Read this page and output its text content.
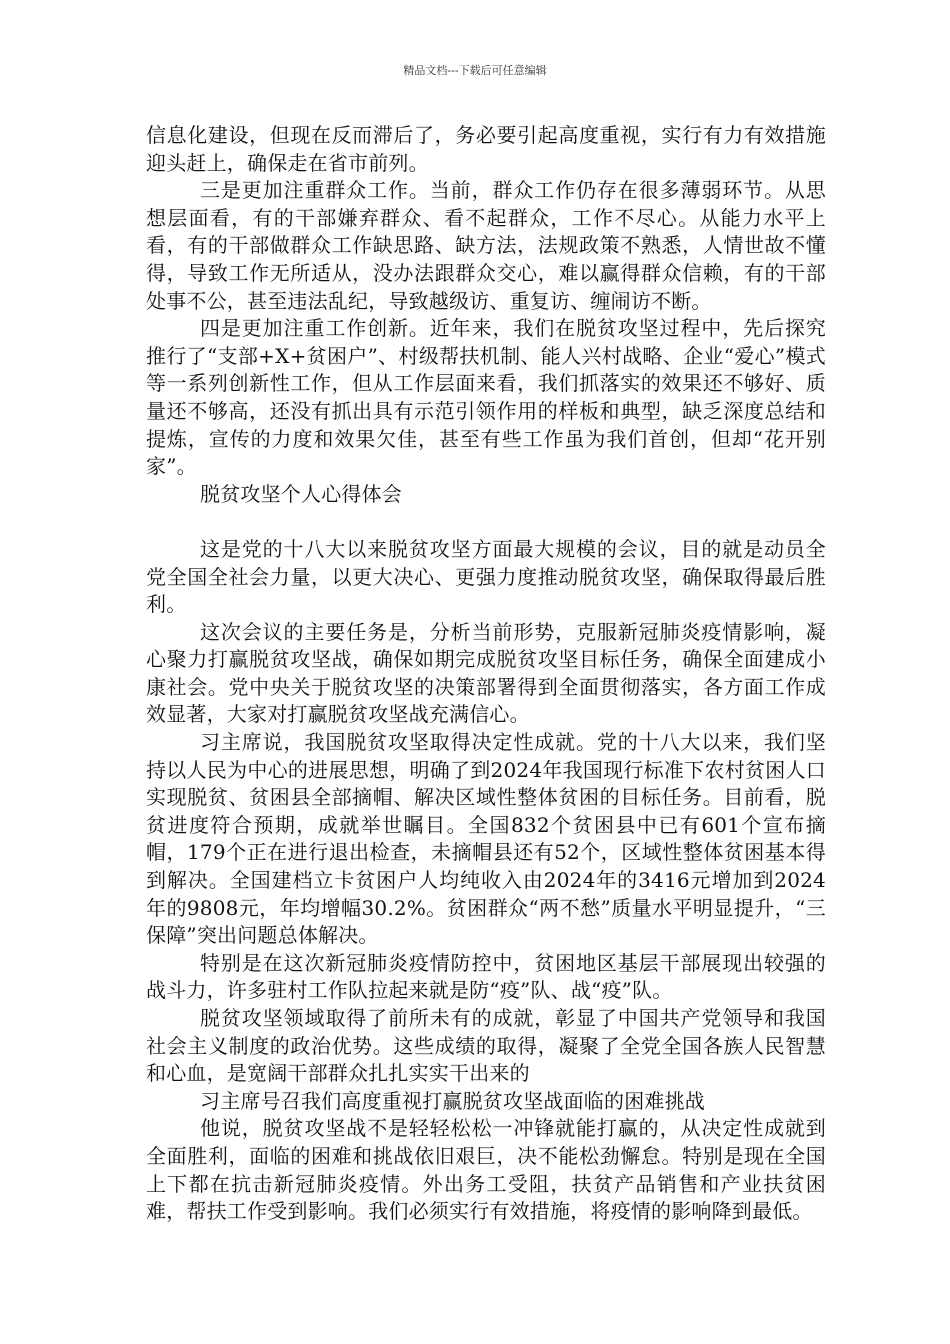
精品文档---下载后可任意编辑

信息化建设，但现在反而滞后了，务必要引起高度重视，实行有力有效措施迎头赶上，确保走在省市前列。

三是更加注重群众工作。当前，群众工作仍存在很多薄弱环节。从思想层面看，有的干部嫌弃群众、看不起群众，工作不尽心。从能力水平上看，有的干部做群众工作缺思路、缺方法，法规政策不熟悉，人情世故不懂得，导致工作无所适从，没办法跟群众交心，难以赢得群众信赖，有的干部处事不公，甚至违法乱纪，导致越级访、重复访、缠闹访不断。

四是更加注重工作创新。近年来，我们在脱贫攻坚过程中，先后探究推行了“支部+X+贫困户”、村级帮扶机制、能人兴村战略、企业“爱心”模式等一系列创新性工作，但从工作层面来看，我们抓落实的效果还不够好、质量还不够高，还没有抓出具有示范引领作用的样板和典型，缺乏深度总结和提炼，宣传的力度和效果欠佳，甚至有些工作虽为我们首创，但却“花开别家”。

脱贫攻坚个人心得体会

这是党的十八大以来脱贫攻坚方面最大规模的会议，目的就是动员全党全国全社会力量，以更大决心、更强力度推动脱贫攻坚，确保取得最后胜利。

这次会议的主要任务是，分析当前形势，克服新冠肺炎疫情影响，凝心聚力打赢脱贫攻坚战，确保如期完成脱贫攻坚目标任务，确保全面建成小康社会。党中央关于脱贫攻坚的决策部署得到全面贯彻落实，各方面工作成效显著，大家对打赢脱贫攻坚战充满信心。

习主席说，我国脱贫攻坚取得决定性成就。党的十八大以来，我们坚持以人民为中心的进展思想，明确了到2024年我国现行标准下农村贫困人口实现脱贫、贫困县全部摘帽、解决区域性整体贫困的目标任务。目前看，脱贫进度符合预期，成就举世瞩目。全国832个贫困县中已有601个宣布摘帽，179个正在进行退出检查，未摘帽县还有52个，区域性整体贫困基本得到解决。全国建档立卡贫困户人均纯收入由2024年的3416元增加到2024年的9808元，年均增幅30.2%。贫困群众“两不愁”质量水平明显提升，“三保障”突出问题总体解决。

特别是在这次新冠肺炎疫情防控中，贫困地区基层干部展现出较强的战斗力，许多驻村工作队拉起来就是防“疫”队、战“疫”队。

脱贫攻坚领域取得了前所未有的成就，彰显了中国共产党领导和我国社会主义制度的政治优势。这些成绩的取得，凝聚了全党全国各族人民智慧和心血，是宽阔干部群众扎扎实实干出来的

习主席号召我们高度重视打赢脱贫攻坚战面临的困难挑战

他说，脱贫攻坚战不是轻轻松松一冲锋就能打赢的，从决定性成就到全面胜利，面临的困难和挑战依旧艰巨，决不能松劲懈怠。特别是现在全国上下都在抗击新冠肺炎疫情。外出务工受阻，扶贫产品销售和产业扶贫困难，帮扶工作受到影响。我们必须实行有效措施，将疫情的影响降到最低。
